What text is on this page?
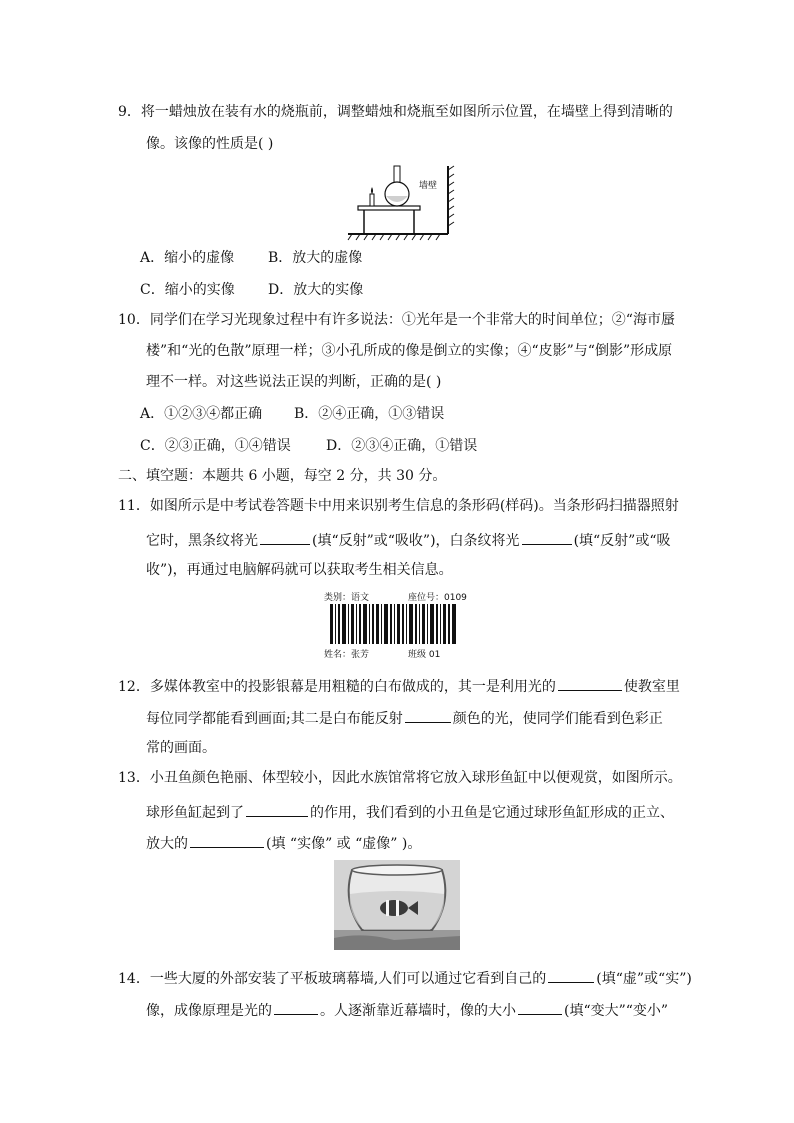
9．将一蜡烛放在装有水的烧瓶前，调整蜡烛和烧瓶至如图所示位置，在墙壁上得到清晰的
像。该像的性质是( )
墙壁
A．缩小的虚像 B．放大的虚像
C．缩小的实像 D．放大的实像
10．同学们在学习光现象过程中有许多说法：①光年是一个非常大的时间单位；②“海市蜃
楼”和“光的色散”原理一样；③小孔所成的像是倒立的实像；④“皮影”与“倒影”形成原
理不一样。对这些说法正误的判断，正确的是( )
A．①②③④都正确 B．②④正确，①③错误
C．②③正确，①④错误	D．②③④正确，①错误
二、填空题：本题共 6 小题，每空 2 分，共 30 分。
11．如图所示是中考试卷答题卡中用来识别考生信息的条形码(样码)。当条形码扫描器照射
它时，黑条纹将光	(填“反射”或“吸收”)，白条纹将光	(填“反射”或“吸
收”)，再通过电脑解码就可以获取考生相关信息。
类别：语文	座位号：0109
姓名：张芳	班级 01
12．多媒体教室中的投影银幕是用粗糙的白布做成的，其一是利用光的	使教室里
每位同学都能看到画面;其二是白布能反射	颜色的光，使同学们能看到色彩正
常的画面。
13．小丑鱼颜色艳丽、体型较小，因此水族馆常将它放入球形鱼缸中以便观赏，如图所示。
球形鱼缸起到了	的作用，我们看到的小丑鱼是它通过球形鱼缸形成的正立、
放大的	(填 “实像” 或 “虚像” )。
14．一些大厦的外部安装了平板玻璃幕墙,人们可以通过它看到自己的	(填“虚”或“实”)
像，成像原理是光的	。人逐渐靠近幕墙时，像的大小	(填“变大”“变小”
